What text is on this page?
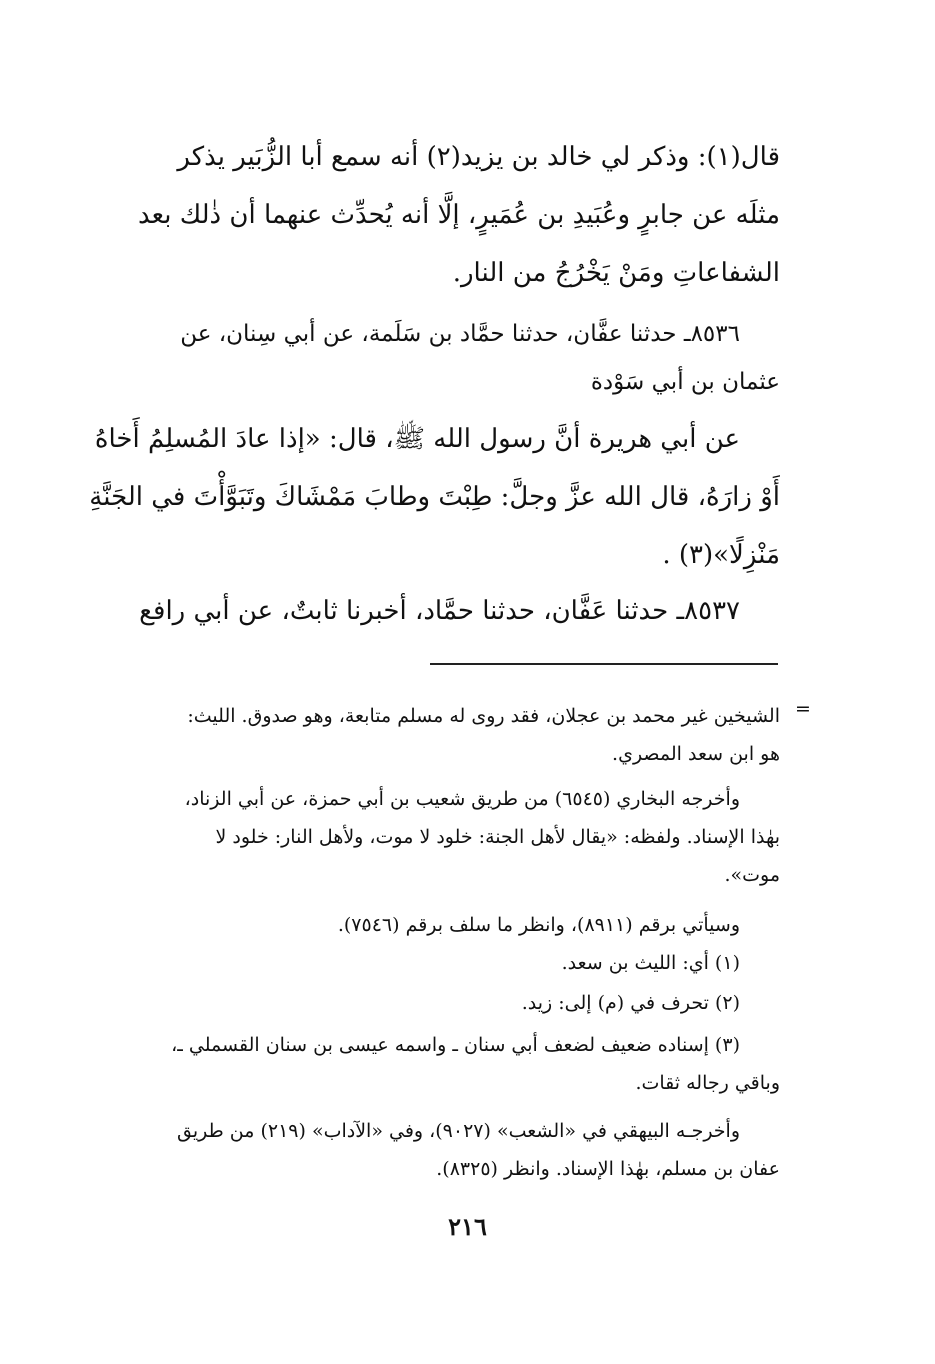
قال(١): وذكر لي خالد بن يزيد(٢) أنه سمع أبا الزُّبَير يذكر
مثلَه عن جابرٍ وعُبَيدِ بن عُمَيرٍ، إلَّا أنه يُحدِّث عنهما أن ذٰلك بعد
الشفاعاتِ ومَنْ يَخْرُجُ من النار.
٨٥٣٦ـ حدثنا عفَّان، حدثنا حمَّاد بن سَلَمة، عن أبي سِنان، عن
عثمان بن أبي سَوْدة
عن أبي هريرة أنَّ رسول الله ﷺ، قال: «إذا عادَ المُسلِمُ أَخاهُ
أَوْ زارَهُ، قال الله عزَّ وجلَّ: طِبْتَ وطابَ مَمْشَاكَ وتَبَوَّأْتَ في الجَنَّةِ
مَنْزِلًا»(٣) .
٨٥٣٧ـ حدثنا عَفَّان، حدثنا حمَّاد، أخبرنا ثابتٌ، عن أبي رافع
=
الشيخين غير محمد بن عجلان، فقد روى له مسلم متابعة، وهو صدوق. الليث:
هو ابن سعد المصري.
وأخرجه البخاري (٦٥٤٥) من طريق شعيب بن أبي حمزة، عن أبي الزناد،
بهٰذا الإسناد. ولفظه: «يقال لأهل الجنة: خلود لا موت، ولأهل النار: خلود لا
موت».
وسيأتي برقم (٨٩١١)، وانظر ما سلف برقم (٧٥٤٦).
(١) أي: الليث بن سعد.
(٢) تحرف في (م) إلى: زيد.
(٣) إسناده ضعيف لضعف أبي سنان ـ واسمه عيسى بن سنان القسملي ـ،
وباقي رجاله ثقات.
وأخرجـه البيهقي في «الشعب» (٩٠٢٧)، وفي «الآداب» (٢١٩) من طريق
عفان بن مسلم، بهٰذا الإسناد. وانظر (٨٣٢٥).
٢١٦
